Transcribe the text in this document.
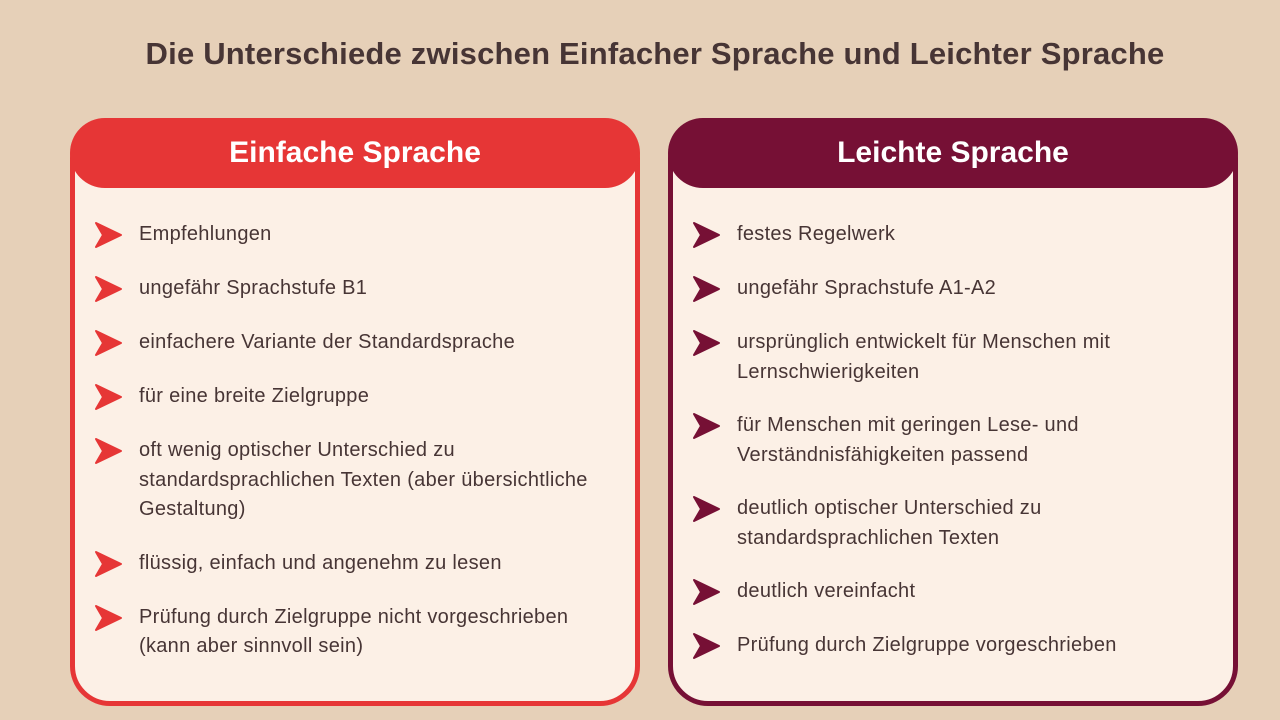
Die Unterschiede zwischen Einfacher Sprache und Leichter Sprache
Einfache Sprache
Empfehlungen
ungefähr Sprachstufe B1
einfachere Variante der Standardsprache
für eine breite Zielgruppe
oft wenig optischer Unterschied zu standardsprachlichen Texten (aber übersichtliche Gestaltung)
flüssig, einfach und angenehm zu lesen
Prüfung durch Zielgruppe nicht vorgeschrieben (kann aber sinnvoll sein)
Leichte Sprache
festes Regelwerk
ungefähr Sprachstufe A1-A2
ursprünglich entwickelt für Menschen mit Lernschwierigkeiten
für Menschen mit geringen Lese- und Verständnisfähigkeiten passend
deutlich optischer Unterschied zu standardsprachlichen Texten
deutlich vereinfacht
Prüfung durch Zielgruppe vorgeschrieben
